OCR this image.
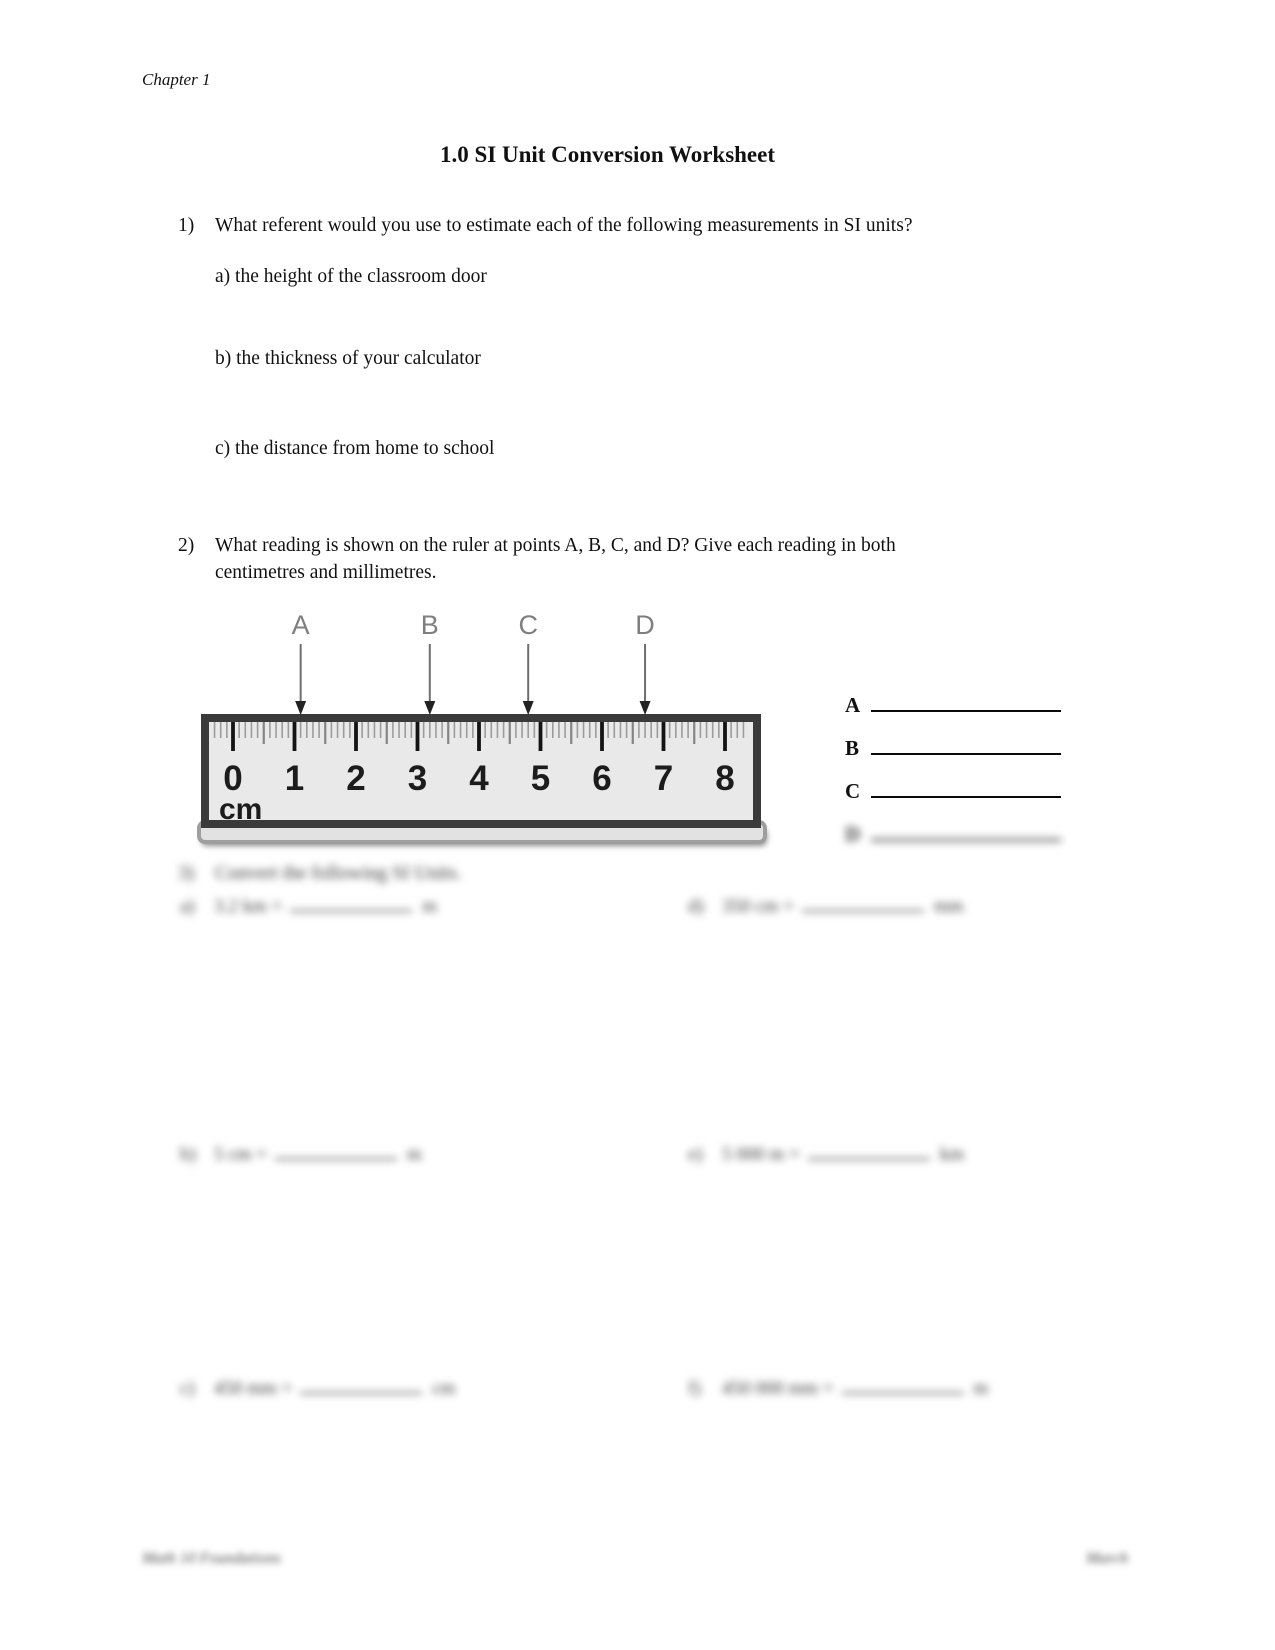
Chapter 1
1.0 SI Unit Conversion Worksheet
1)	What referent would you use to estimate each of the following measurements in SI units?
a) the height of the classroom door
b) the thickness of your calculator
c) the distance from home to school
2)	What reading is shown on the ruler at points A, B, C, and D? Give each reading in both
centimetres and millimetres.
0 1 2 3 4 5 6 7 8
cm
A	B	C	D
A
B
C
D
3)	Convert the following SI Units.
a)	3.2 km =	m	d) 350 cm =	mm
b) 5 cm =	m	e)	5 000 m =	km
c)	450 mm =	cm	f)	450 000 mm =	m
Math 10 Foundations	March
